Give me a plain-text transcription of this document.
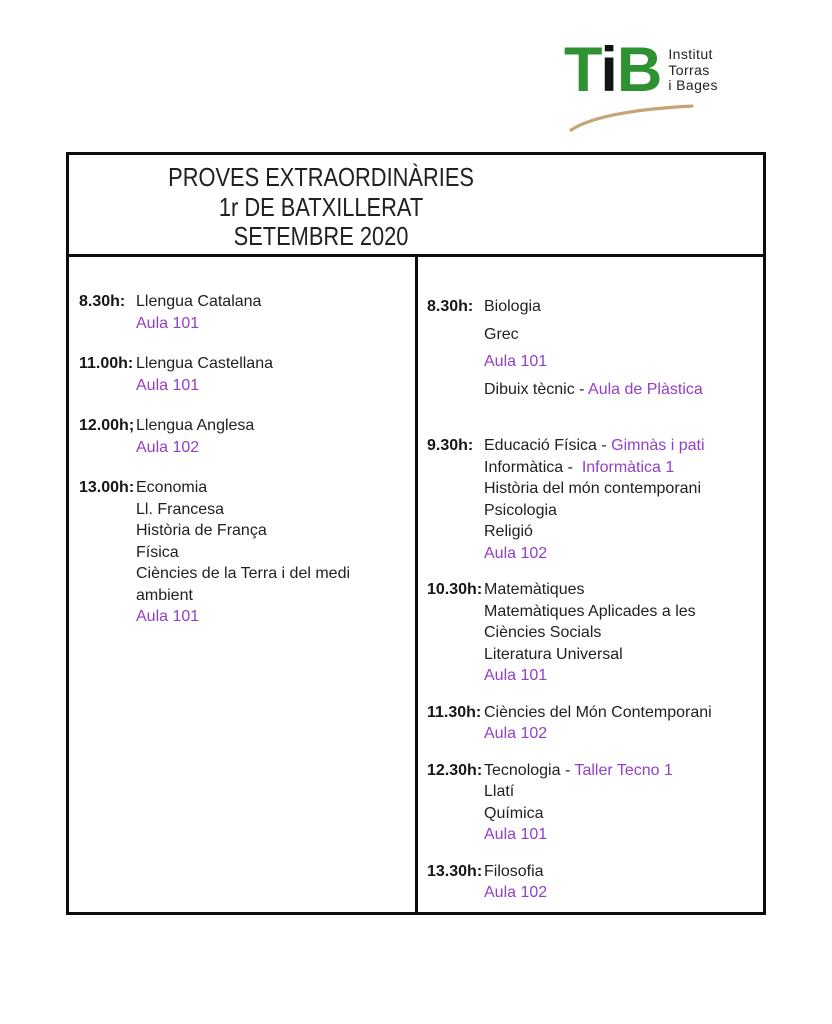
TiB Institut
Torras
i Bages
PROVES EXTRAORDINÀRIES
1r DE BATXILLERAT
SETEMBRE 2020
8.30h: Llengua Catalana
Aula 101
11.00h: Llengua Castellana
Aula 101
12.00h; Llengua Anglesa
Aula 102
13.00h: Economia
Ll. Francesa
Història de França
Física
Ciències de la Terra i del medi
ambient
Aula 101
8.30h: Biologia
Grec
Aula 101
Dibuix tècnic - Aula de Plàstica
9.30h: Educació Física - Gimnàs i pati
Informàtica -  Informàtica 1
Història del món contemporani
Psicologia
Religió
Aula 102
10.30h: Matemàtiques
Matemàtiques Aplicades a les
Ciències Socials
Literatura Universal
Aula 101
11.30h: Ciències del Món Contemporani
Aula 102
12.30h: Tecnologia - Taller Tecno 1
Llatí
Química
Aula 101
13.30h: Filosofia
Aula 102
